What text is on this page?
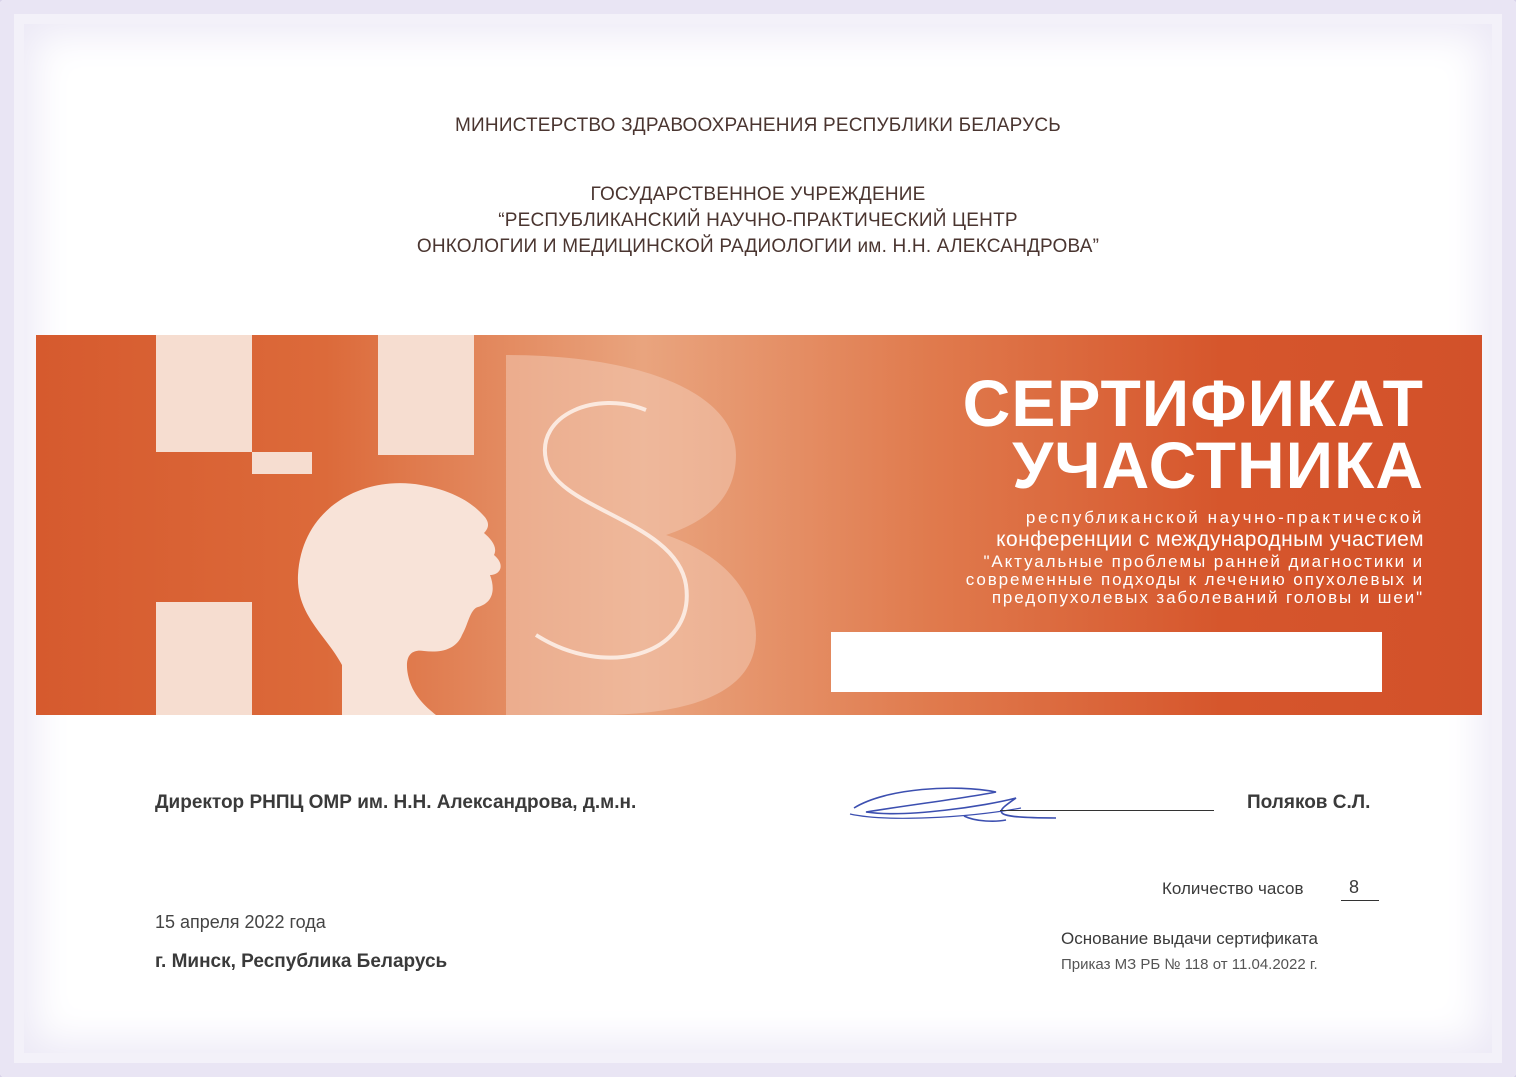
МИНИСТЕРСТВО ЗДРАВООХРАНЕНИЯ РЕСПУБЛИКИ БЕЛАРУСЬ
ГОСУДАРСТВЕННОЕ УЧРЕЖДЕНИЕ
“РЕСПУБЛИКАНСКИЙ НАУЧНО-ПРАКТИЧЕСКИЙ ЦЕНТР
ОНКОЛОГИИ И МЕДИЦИНСКОЙ РАДИОЛОГИИ им. Н.Н. АЛЕКСАНДРОВА”
СЕРТИФИКАТ
УЧАСТНИКА
республиканской научно-практической
конференции с международным участием
"Актуальные проблемы ранней диагностики и
современные подходы к лечению опухолевых и
предопухолевых заболеваний головы и шеи"
Директор РНПЦ ОМР им. Н.Н. Александрова, д.м.н.	Поляков С.Л.
Количество часов	8
15 апреля 2022 года
Основание выдачи сертификата
г. Минск, Республика Беларусь	Приказ МЗ РБ № 118 от 11.04.2022 г.
